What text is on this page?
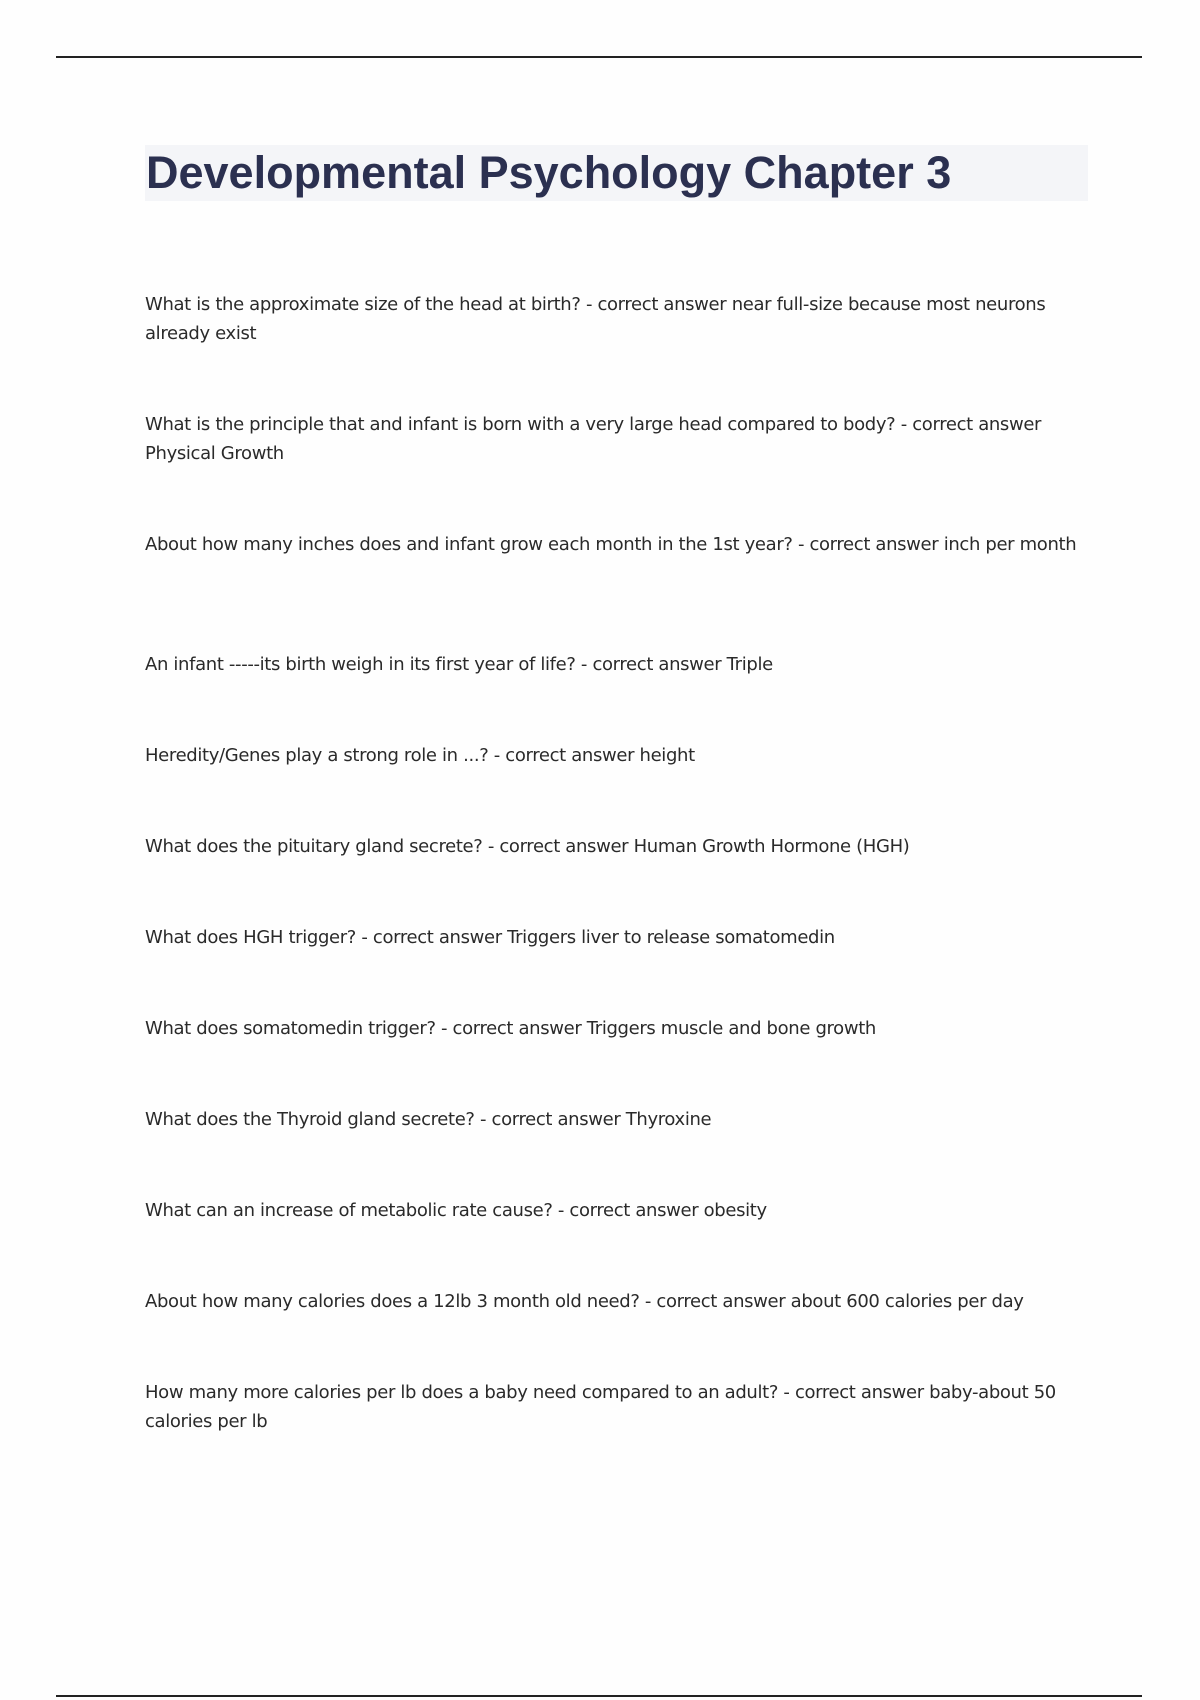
Developmental Psychology Chapter 3

What is the approximate size of the head at birth? - correct answer near full-size because most neurons already exist

What is the principle that and infant is born with a very large head compared to body? - correct answer Physical Growth

About how many inches does and infant grow each month in the 1st year? - correct answer inch per month

An infant -----its birth weigh in its first year of life? - correct answer Triple

Heredity/Genes play a strong role in ...? - correct answer height

What does the pituitary gland secrete? - correct answer Human Growth Hormone (HGH)

What does HGH trigger? - correct answer Triggers liver to release somatomedin

What does somatomedin trigger? - correct answer Triggers muscle and bone growth

What does the Thyroid gland secrete? - correct answer Thyroxine

What can an increase of metabolic rate cause? - correct answer obesity

About how many calories does a 12lb 3 month old need? - correct answer about 600 calories per day

How many more calories per lb does a baby need compared to an adult? - correct answer baby-about 50 calories per lb
